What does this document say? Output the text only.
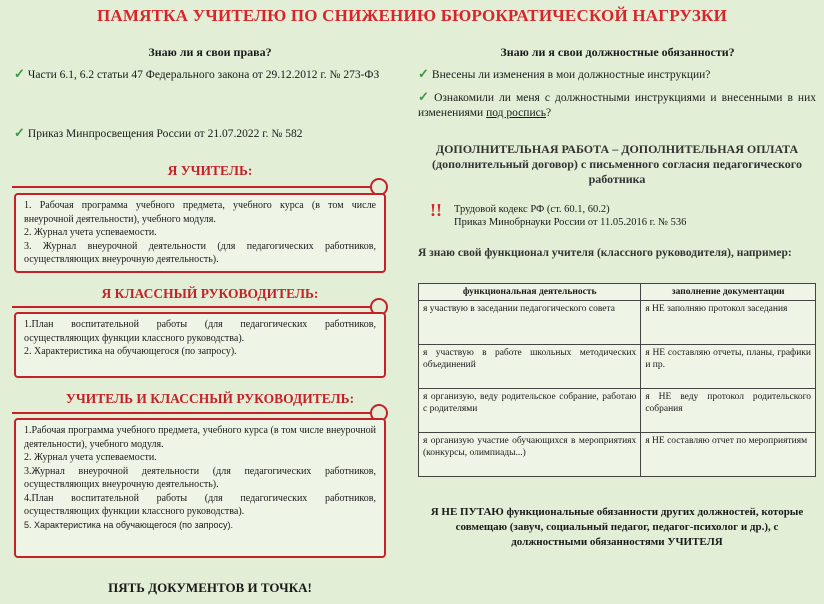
ПАМЯТКА УЧИТЕЛЮ ПО СНИЖЕНИЮ БЮРОКРАТИЧЕСКОЙ НАГРУЗКИ
Знаю ли я свои права?
✓ Части 6.1, 6.2 статьи 47 Федерального закона от 29.12.2012 г. № 273-ФЗ
✓ Приказ Минпросвещения России от 21.07.2022 г. № 582
Я УЧИТЕЛЬ:
1. Рабочая программа учебного предмета, учебного курса (в том числе внеурочной деятельности), учебного модуля.
2. Журнал учета успеваемости.
3. Журнал внеурочной деятельности (для педагогических работников, осуществляющих внеурочную деятельность).
Я КЛАССНЫЙ РУКОВОДИТЕЛЬ:
1.План воспитательной работы (для педагогических работников, осуществляющих функции классного руководства).
2. Характеристика на обучающегося (по запросу).
УЧИТЕЛЬ И КЛАССНЫЙ РУКОВОДИТЕЛЬ:
1.Рабочая программа учебного предмета, учебного курса (в том числе внеурочной деятельности), учебного модуля.
2. Журнал учета успеваемости.
3.Журнал внеурочной деятельности (для педагогических работников, осуществляющих внеурочную деятельность).
4.План воспитательной работы (для педагогических работников, осуществляющих функции классного руководства).
5. Характеристика на обучающегося (по запросу).
ПЯТЬ ДОКУМЕНТОВ И ТОЧКА!
Знаю ли я свои должностные обязанности?
✓ Внесены ли изменения в мои должностные инструкции?
✓ Ознакомили ли меня с должностными инструкциями и внесенными в них изменениями под роспись?
ДОПОЛНИТЕЛЬНАЯ РАБОТА – ДОПОЛНИТЕЛЬНАЯ ОПЛАТА (дополнительный договор) с письменного согласия педагогического работника
!! Трудовой кодекс РФ (ст. 60.1, 60.2)
Приказ Минобрнауки России от 11.05.2016 г. № 536
Я знаю свой функционал учителя (классного руководителя), например:
функциональная деятельность	заполнение документации
я участвую в заседании педагогического совета	я НЕ заполняю протокол заседания
я участвую в работе школьных методических объединений	я НЕ составляю отчеты, планы, графики и пр.
я организую, веду родительское собрание, работаю с родителями	я НЕ веду протокол родительского собрания
я организую участие обучающихся в мероприятиях (конкурсы, олимпиады...)	я НЕ составляю отчет по мероприятиям
Я НЕ ПУТАЮ функциональные обязанности других должностей, которые совмещаю (завуч, социальный педагог, педагог-психолог и др.), с должностными обязанностями УЧИТЕЛЯ
